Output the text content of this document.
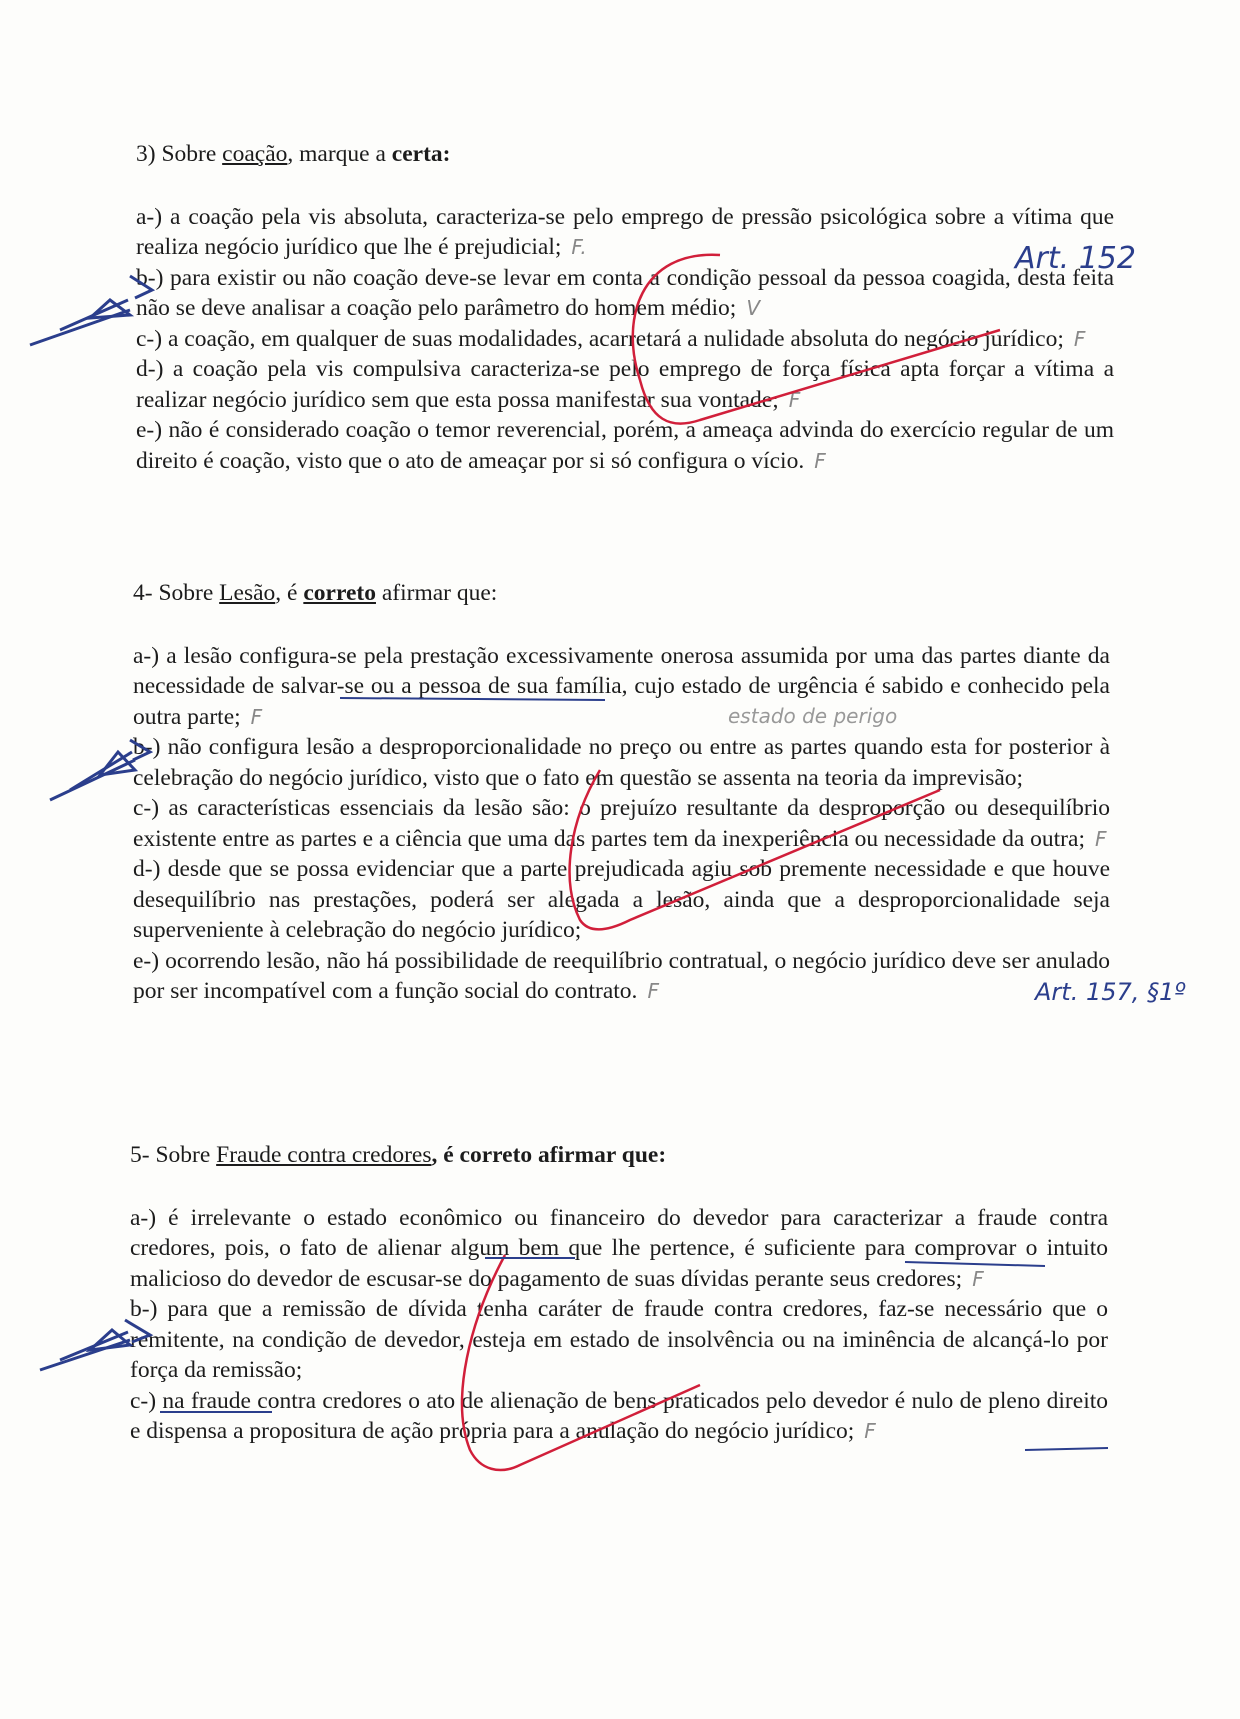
3) Sobre coação, marque a certa:

a-) a coação pela vis absoluta, caracteriza-se pelo emprego de pressão psicológica sobre a vítima que realiza negócio jurídico que lhe é prejudicial; F.

b-) para existir ou não coação deve-se levar em conta a condição pessoal da pessoa coagida, desta feita não se deve analisar a coação pelo parâmetro do homem médio; V

c-) a coação, em qualquer de suas modalidades, acarretará a nulidade absoluta do negócio jurídico; F

d-) a coação pela vis compulsiva caracteriza-se pelo emprego de força física apta forçar a vítima a realizar negócio jurídico sem que esta possa manifestar sua vontade; F

e-) não é considerado coação o temor reverencial, porém, a ameaça advinda do exercício regular de um direito é coação, visto que o ato de ameaçar por si só configura o vício. F

4- Sobre Lesão, é correto afirmar que:

a-) a lesão configura-se pela prestação excessivamente onerosa assumida por uma das partes diante da necessidade de salvar-se ou a pessoa de sua família, cujo estado de urgência é sabido e conhecido pela outra parte; F

b-) não configura lesão a desproporcionalidade no preço ou entre as partes quando esta for posterior à celebração do negócio jurídico, visto que o fato em questão se assenta na teoria da imprevisão;

c-) as características essenciais da lesão são: o prejuízo resultante da desproporção ou desequilíbrio existente entre as partes e a ciência que uma das partes tem da inexperiência ou necessidade da outra; F

d-) desde que se possa evidenciar que a parte prejudicada agiu sob premente necessidade e que houve desequilíbrio nas prestações, poderá ser alegada a lesão, ainda que a desproporcionalidade seja superveniente à celebração do negócio jurídico;

e-) ocorrendo lesão, não há possibilidade de reequilíbrio contratual, o negócio jurídico deve ser anulado por ser incompatível com a função social do contrato. F

5- Sobre Fraude contra credores, é correto afirmar que:

a-) é irrelevante o estado econômico ou financeiro do devedor para caracterizar a fraude contra credores, pois, o fato de alienar algum bem que lhe pertence, é suficiente para comprovar o intuito malicioso do devedor de escusar-se do pagamento de suas dívidas perante seus credores; F

b-) para que a remissão de dívida tenha caráter de fraude contra credores, faz-se necessário que o remitente, na condição de devedor, esteja em estado de insolvência ou na iminência de alcançá-lo por força da remissão;

c-) na fraude contra credores o ato de alienação de bens praticados pelo devedor é nulo de pleno direito e dispensa a propositura de ação própria para a anulação do negócio jurídico; F

Art. 152
Art. 157, §1º
estado de perigo
